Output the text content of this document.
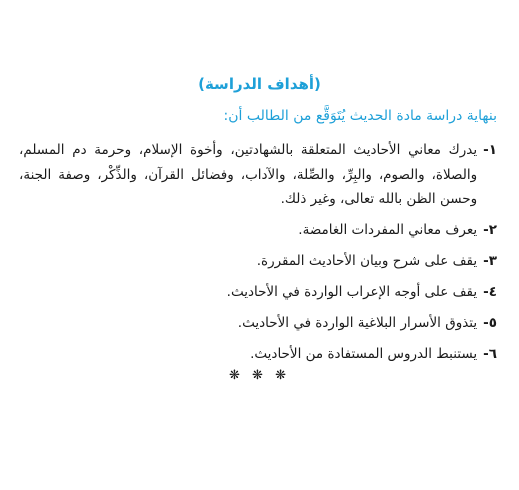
(أهداف الدراسة)
بنهاية دراسة مادة الحديث يُتَوَقَّع من الطالب أن:
١-
يدرك معاني الأحاديث المتعلقة بالشهادتين، وأخوة الإسلام، وحرمة دم المسلم، والصلاة، والصوم، والبِرِّ، والصِّلة، والآداب، وفضائل القرآن، والذِّكْر، وصفة الجنة، وحسن الظن بالله تعالى، وغير ذلك.
٢-
يعرف معاني المفردات الغامضة.
٣-
يقف على شرح وبيان الأحاديث المقررة.
٤-
يقف على أوجه الإعراب الواردة في الأحاديث.
٥-
يتذوق الأسرار البلاغية الواردة في الأحاديث.
٦-
يستنبط الدروس المستفادة من الأحاديث.
❋ ❋ ❋
